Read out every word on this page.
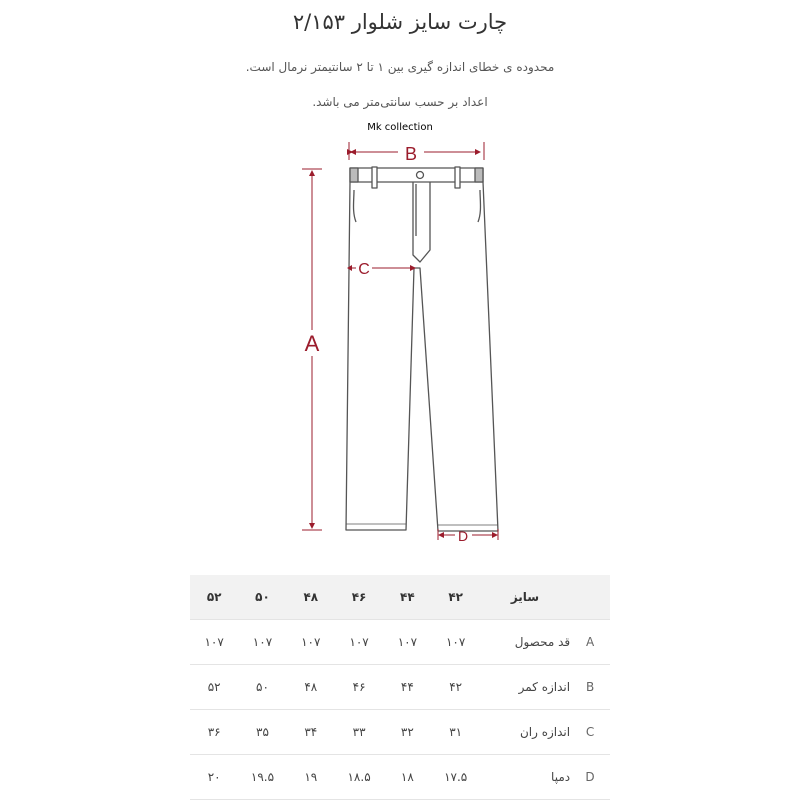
چارت سایز شلوار ۲/۱۵۳
محدوده ی خطای اندازه گیری بین ۱ تا ۲ سانتیمتر نرمال است.
اعداد بر حسب سانتی‌متر می باشد.
Mk collection
B
A
C
D
	سایز	۴۲	۴۴	۴۶	۴۸	۵۰	۵۲
A	قد محصول	۱۰۷	۱۰۷	۱۰۷	۱۰۷	۱۰۷	۱۰۷
B	اندازه کمر	۴۲	۴۴	۴۶	۴۸	۵۰	۵۲
C	اندازه ران	۳۱	۳۲	۳۳	۳۴	۳۵	۳۶
D	دمپا	۱۷.۵	۱۸	۱۸.۵	۱۹	۱۹.۵	۲۰
